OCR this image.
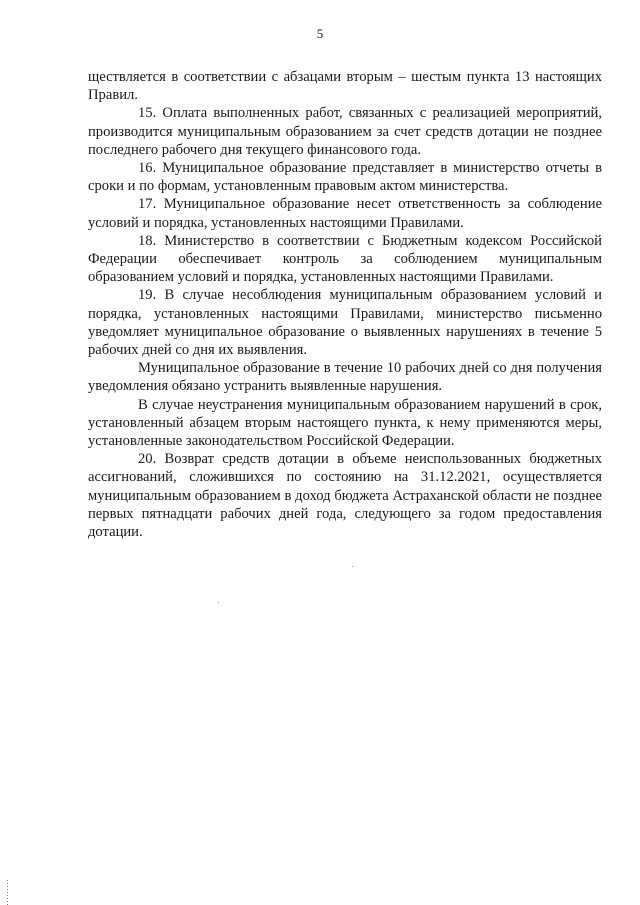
5

ществляется в соответствии с абзацами вторым – шестым пункта 13 настоящих Правил.

15. Оплата выполненных работ, связанных с реализацией мероприятий, производится муниципальным образованием за счет средств дотации не позднее последнего рабочего дня текущего финансового года.

16. Муниципальное образование представляет в министерство отчеты в сроки и по формам, установленным правовым актом министерства.

17. Муниципальное образование несет ответственность за соблюдение условий и порядка, установленных настоящими Правилами.

18. Министерство в соответствии с Бюджетным кодексом Российской Федерации обеспечивает контроль за соблюдением муниципальным образованием условий и порядка, установленных настоящими Правилами.

19. В случае несоблюдения муниципальным образованием условий и порядка, установленных настоящими Правилами, министерство письменно уведомляет муниципальное образование о выявленных нарушениях в течение 5 рабочих дней со дня их выявления.

Муниципальное образование в течение 10 рабочих дней со дня получения уведомления обязано устранить выявленные нарушения.

В случае неустранения муниципальным образованием нарушений в срок, установленный абзацем вторым настоящего пункта, к нему применяются меры, установленные законодательством Российской Федерации.

20. Возврат средств дотации в объеме неиспользованных бюджетных ассигнований, сложившихся по состоянию на 31.12.2021, осуществляется муниципальным образованием в доход бюджета Астраханской области не позднее первых пятнадцати рабочих дней года, следующего за годом предоставления дотации.
